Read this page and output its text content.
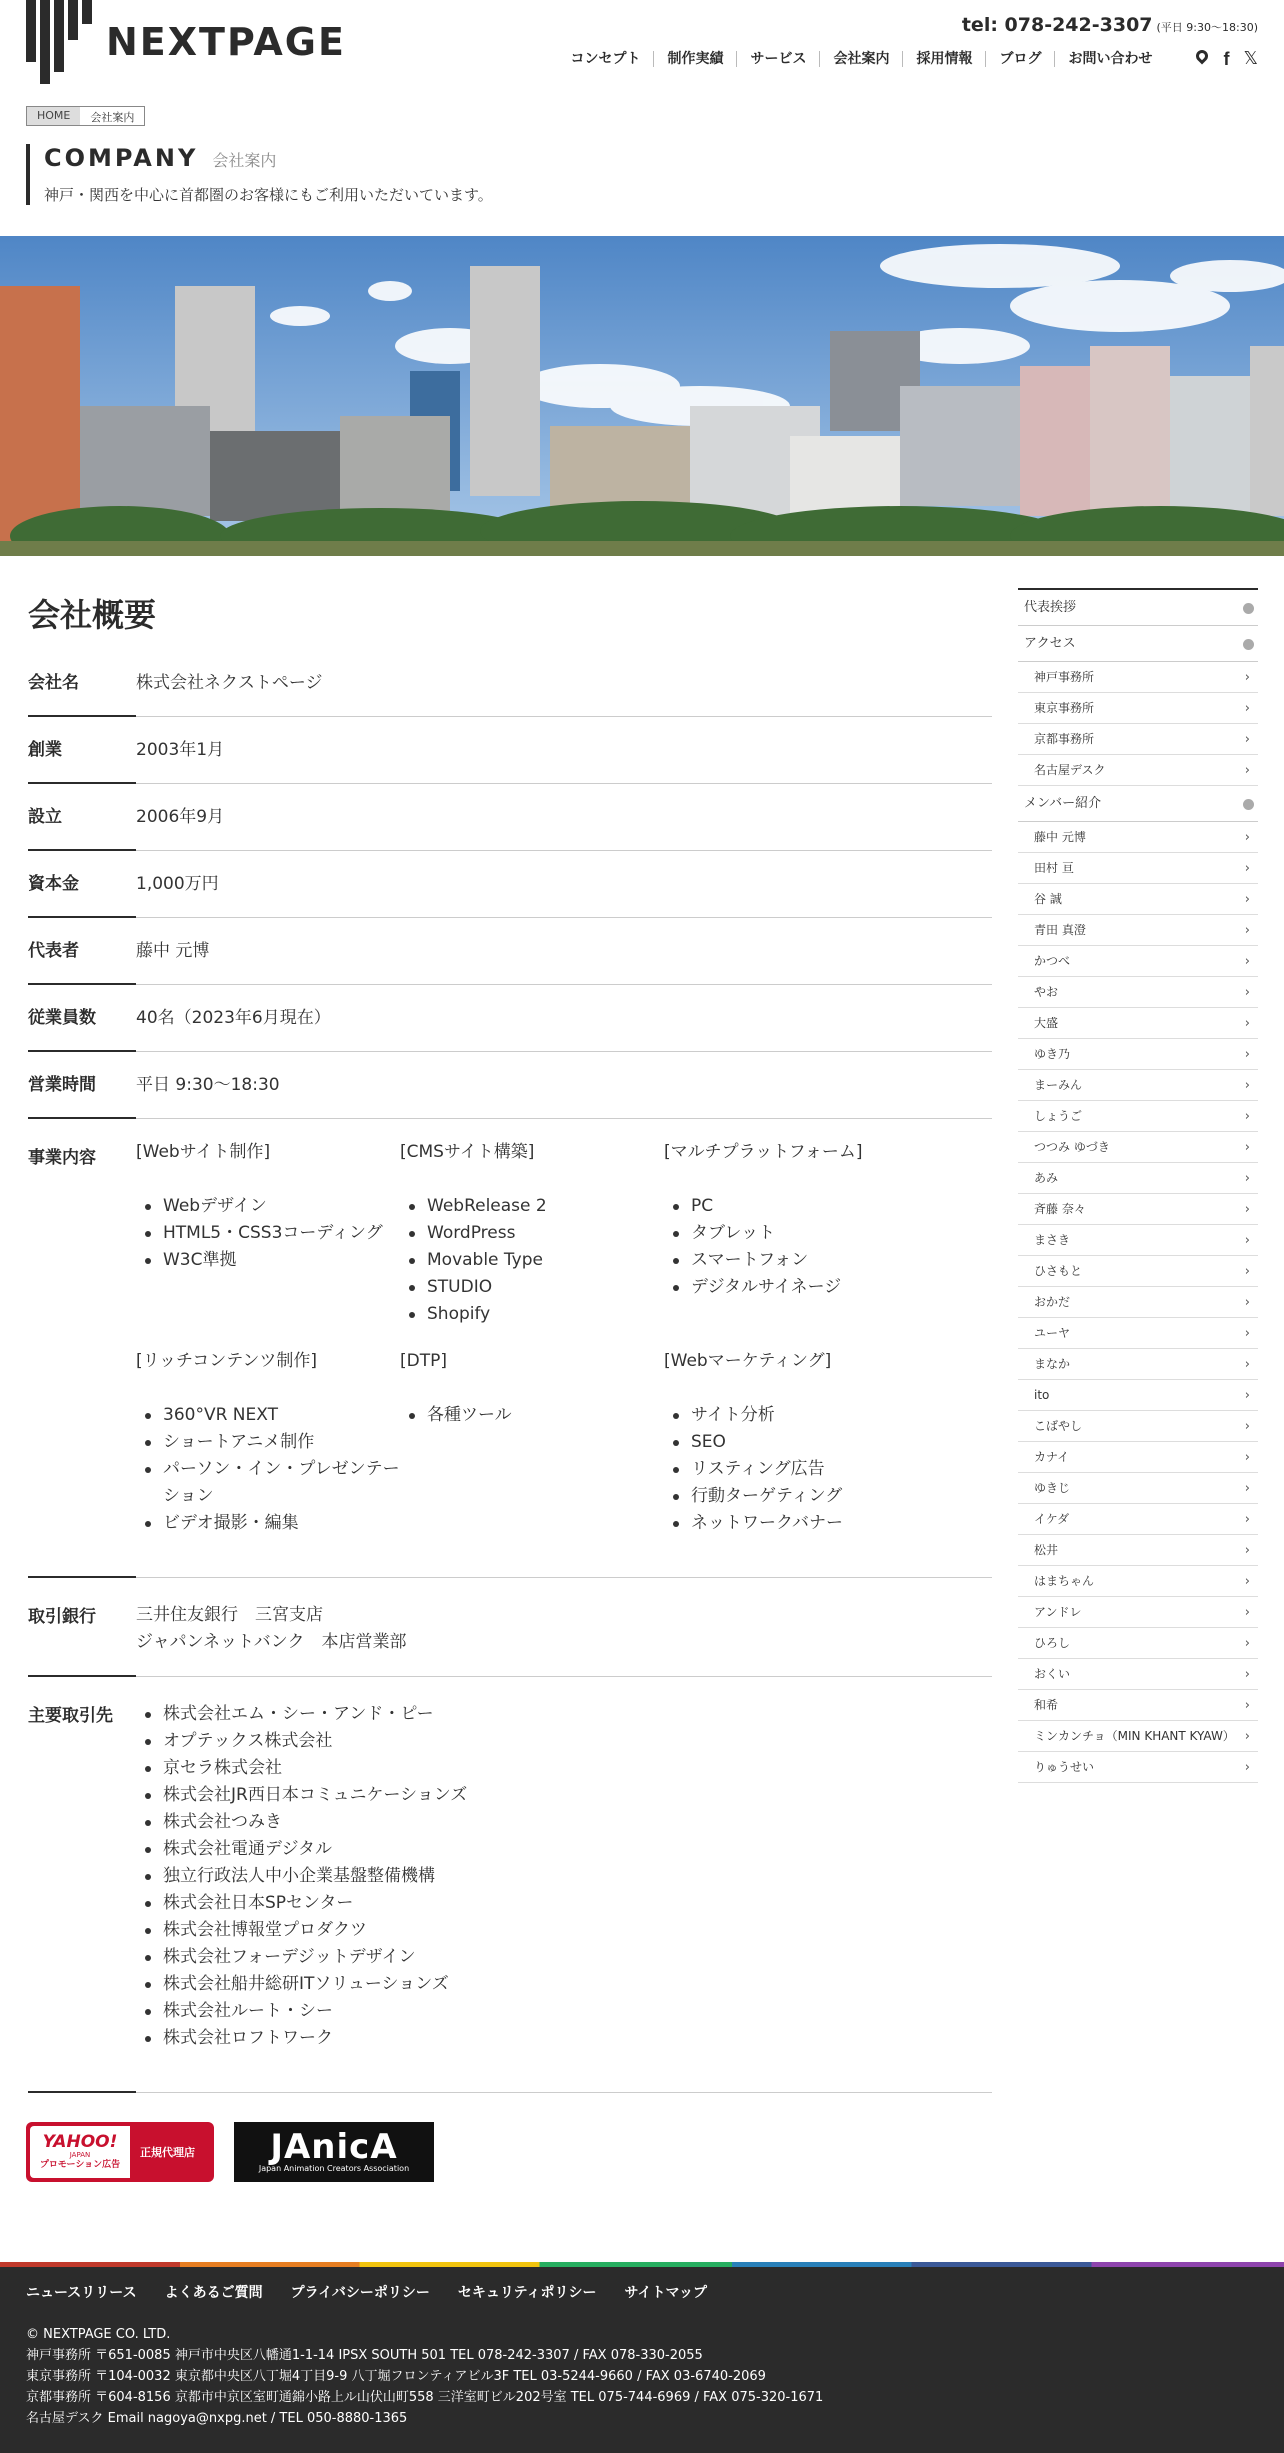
NEXTPAGE	tel: 078-242-3307 (平日 9:30〜18:30)
コンセプト	制作実績	サービス	会社案内	採用情報	ブログ	お問い合わせ	f 𝕏
HOME	会社案内
COMPANY 会社案内
神戸・関西を中心に首都圏のお客様にもご利用いただいています。
会社概要
会社名	株式会社ネクストページ
創業	2003年1月
設立	2006年9月
資本金	1,000万円
代表者	藤中 元博
従業員数	40名（2023年6月現在）
営業時間	平日 9:30〜18:30
事業内容	[Webサイト制作]
Webデザイン
HTML5・CSS3コーディング
W3C準拠
[CMSサイト構築]
WebRelease 2
WordPress
Movable Type
STUDIO
Shopify
[マルチプラットフォーム]
PC
タブレット
スマートフォン
デジタルサイネージ
[リッチコンテンツ制作]
360°VR NEXT
ショートアニメ制作
パーソン・イン・プレゼンテーション
ビデオ撮影・編集
[DTP]
各種ツール
[Webマーケティング]
サイト分析
SEO
リスティング広告
行動ターゲティング
ネットワークバナー
取引銀行	三井住友銀行　三宮支店
ジャパンネットバンク　本店営業部
主要取引先	株式会社エム・シー・アンド・ピー
オプテックス株式会社
京セラ株式会社
株式会社JR西日本コミュニケーションズ
株式会社つみき
株式会社電通デジタル
独立行政法人中小企業基盤整備機構
株式会社日本SPセンター
株式会社博報堂プロダクツ
株式会社フォーデジットデザイン
株式会社船井総研ITソリューションズ
株式会社ルート・シー
株式会社ロフトワーク
YAHOO!
JAPAN
プロモーション広告
正規代理店 JAnicA
Japan Animation Creators Association
代表挨拶
アクセス
神戸事務所 ›
東京事務所 ›
京都事務所 ›
名古屋デスク ›
メンバー紹介
藤中 元博 ›
田村 亘 ›
谷 誠 ›
青田 真澄 ›
かつべ ›
やお ›
大盛 ›
ゆき乃 ›
まーみん ›
しょうご ›
つつみ ゆづき ›
あみ ›
斉藤 奈々 ›
まさき ›
ひさもと ›
おかだ ›
ユーヤ ›
まなか ›
ito ›
こばやし ›
カナイ ›
ゆきじ ›
イケダ ›
松井 ›
はまちゃん ›
アンドレ ›
ひろし ›
おくい ›
和希 ›
ミンカンチョ（MIN KHANT KYAW） ›
りゅうせい ›
ニュースリリース よくあるご質問 プライバシーポリシー セキュリティポリシー サイトマップ
© NEXTPAGE CO. LTD.
神戸事務所 〒651-0085 神戸市中央区八幡通1-1-14 IPSX SOUTH 501 TEL 078-242-3307 / FAX 078-330-2055
東京事務所 〒104-0032 東京都中央区八丁堀4丁目9-9 八丁堀フロンティアビル3F TEL 03-5244-9660 / FAX 03-6740-2069
京都事務所 〒604-8156 京都市中京区室町通錦小路上ル山伏山町558 三洋室町ビル202号室 TEL 075-744-6969 / FAX 075-320-1671
名古屋デスク Email nagoya@nxpg.net / TEL 050-8880-1365
